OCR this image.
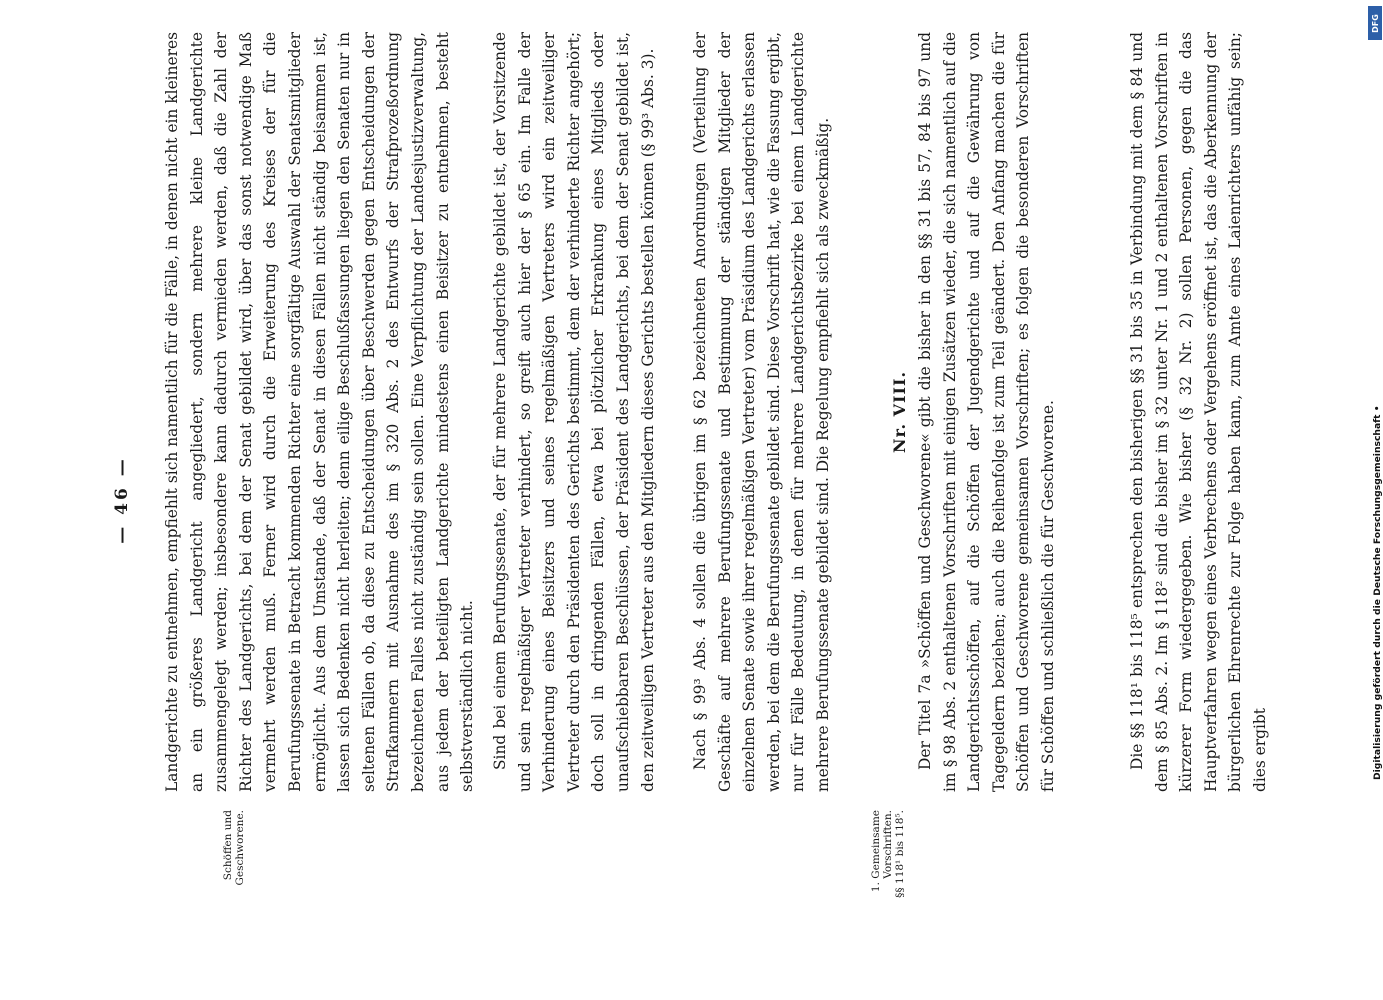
— 46 —
Schöffen und Geschworene.	1. Gemeinsame Vorschriften. §§ 118¹ bis 118⁵.

Landgerichte zu entnehmen, empfiehlt sich namentlich für die Fälle, in denen nicht ein kleineres an ein größeres Landgericht angegliedert, sondern mehrere kleine Landgerichte zusammengelegt werden; insbesondere kann dadurch vermieden werden, daß die Zahl der Richter des Landgerichts, bei dem der Senat gebildet wird, über das sonst notwendige Maß vermehrt werden muß. Ferner wird durch die Erweiterung des Kreises der für die Berufungssenate in Betracht kommenden Richter eine sorgfältige Auswahl der Senatsmitglieder ermöglicht. Aus dem Umstande, daß der Senat in diesen Fällen nicht ständig beisammen ist, lassen sich Bedenken nicht herleiten; denn eilige Beschlußfassungen liegen den Senaten nur in seltenen Fällen ob, da diese zu Entscheidungen über Beschwerden gegen Entscheidungen der Strafkammern mit Ausnahme des im § 320 Abs. 2 des Entwurfs der Strafprozeßordnung bezeichneten Falles nicht zuständig sein sollen. Eine Verpflichtung der Landesjustizverwaltung, aus jedem der beteiligten Landgerichte mindestens einen Beisitzer zu entnehmen, besteht selbstverständlich nicht. Sind bei einem Berufungssenate, der für mehrere Landgerichte gebildet ist, der Vorsitzende und sein regelmäßiger Vertreter verhindert, so greift auch hier der § 65 ein. Im Falle der Verhinderung eines Beisitzers und seines regelmäßigen Vertreters wird ein zeitweiliger Vertreter durch den Präsidenten des Gerichts bestimmt, dem der verhinderte Richter angehört; doch soll in dringenden Fällen, etwa bei plötzlicher Erkrankung eines Mitglieds oder unaufschiebbaren Beschlüssen, der Präsident des Landgerichts, bei dem der Senat gebildet ist, den zeitweiligen Vertreter aus den Mitgliedern dieses Gerichts bestellen können (§ 99³ Abs. 3). Nach § 99³ Abs. 4 sollen die übrigen im § 62 bezeichneten Anordnungen (Verteilung der Geschäfte auf mehrere Berufungssenate und Bestimmung der ständigen Mitglieder der einzelnen Senate sowie ihrer regelmäßigen Vertreter) vom Präsidium des Landgerichts erlassen werden, bei dem die Berufungssenate gebildet sind. Diese Vorschrift hat, wie die Fassung ergibt, nur für Fälle Bedeutung, in denen für mehrere Landgerichtsbezirke bei einem Landgerichte mehrere Berufungssenate gebildet sind. Die Regelung empfiehlt sich als zweckmäßig.	Nr. VIII. Der Titel 7a »Schöffen und Geschworene« gibt die bisher in den §§ 31 bis 57, 84 bis 97 und im § 98 Abs. 2 enthaltenen Vorschriften mit einigen Zusätzen wieder, die sich namentlich auf die Landgerichtsschöffen, auf die Schöffen der Jugendgerichte und auf die Gewährung von Tagegeldern beziehen; auch die Reihenfolge ist zum Teil geändert. Den Anfang machen die für Schöffen und Geschworene gemeinsamen Vorschriften; es folgen die besonderen Vorschriften für Schöffen und schließlich die für Geschworene.	Die §§ 118¹ bis 118⁵ entsprechen den bisherigen §§ 31 bis 35 in Verbindung mit dem § 84 und dem § 85 Abs. 2. Im § 118² sind die bisher im § 32 unter Nr. 1 und 2 enthaltenen Vorschriften in kürzerer Form wiedergegeben. Wie bisher (§ 32 Nr. 2) sollen Personen, gegen die das Hauptverfahren wegen eines Verbrechens oder Vergehens eröffnet ist, das die Aberkennung der bürgerlichen Ehrenrechte zur Folge haben kann, zum Amte eines Laienrichters unfähig sein; dies ergibt

DFG
Digitalisierung gefördert durch die Deutsche Forschungsgemeinschaft •
